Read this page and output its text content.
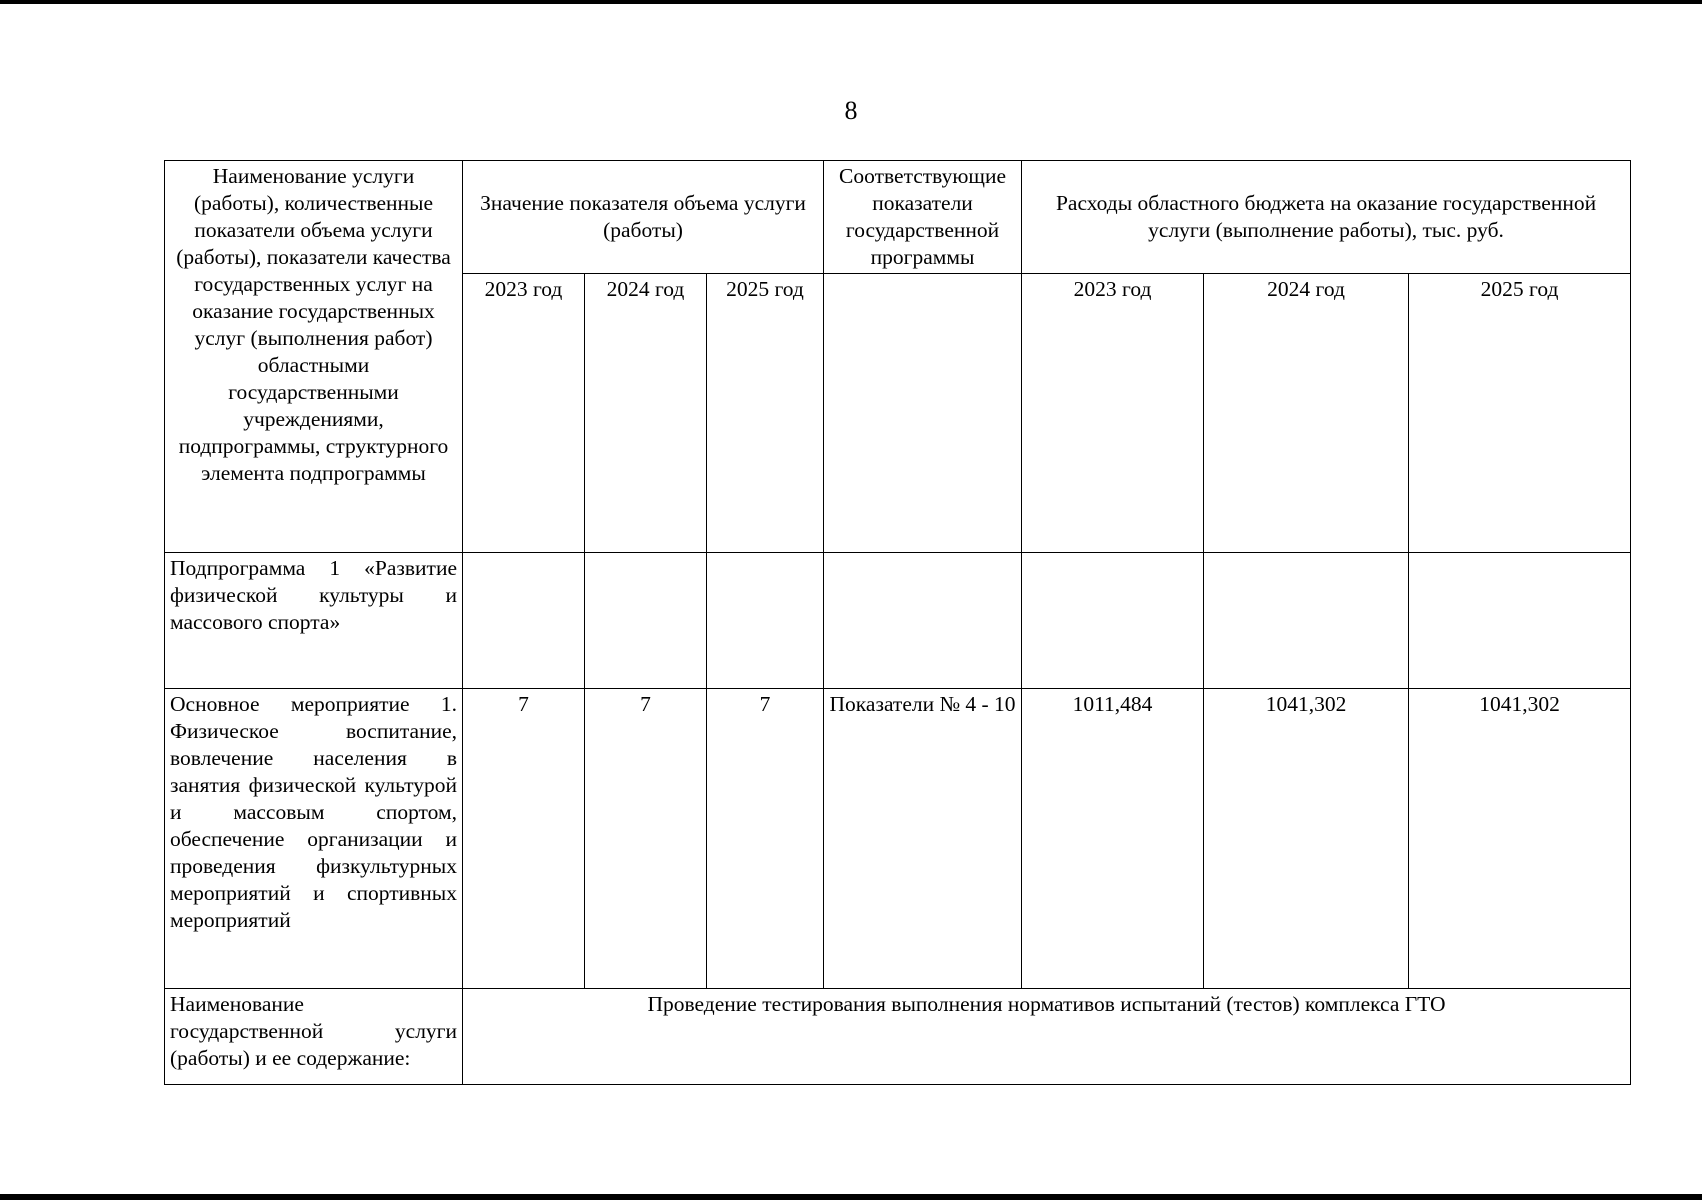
8
Наименование услуги (работы), количественные показатели объема услуги (работы), показатели качества государственных услуг на оказание государственных услуг (выполнения работ) областными государственными учреждениями, подпрограммы, структурного элемента подпрограммы	Значение показателя объема услуги (работы)			Соответствующие показатели государственной программы	Расходы областного бюджета на оказание государственной услуги (выполнение работы), тыс. руб.		
	2023 год	2024 год	2025 год		2023 год	2024 год	2025 год
Подпрограмма 1 «Развитие физической культуры и массового спорта»							
Основное мероприятие 1. Физическое воспитание, вовлечение населения в занятия физической культурой и массовым спортом, обеспечение организации и проведения физкультурных мероприятий и спортивных мероприятий	7	7	7	Показатели № 4 - 10	1011,484	1041,302	1041,302
Наименование государственной услуги (работы) и ее содержание:	Проведение тестирования выполнения нормативов испытаний (тестов) комплекса ГТО						
